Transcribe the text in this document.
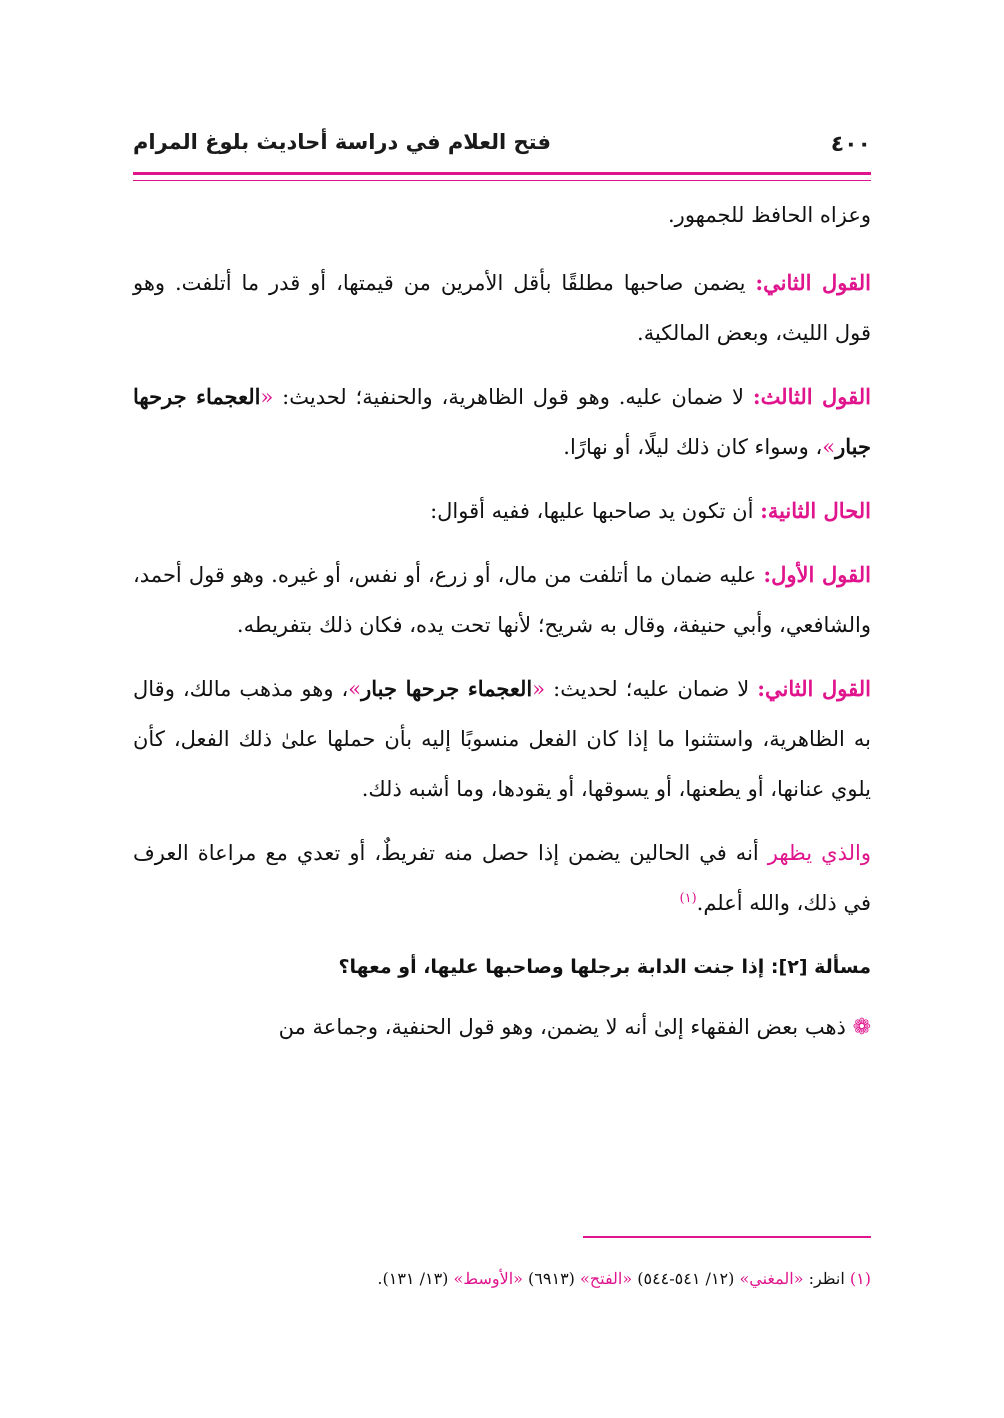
٤٠٠
فتح العلام في دراسة أحاديث بلوغ المرام

وعزاه الحافظ للجمهور.

القول الثاني: يضمن صاحبها مطلقًا بأقل الأمرين من قيمتها، أو قدر ما أتلفت. وهو قول الليث، وبعض المالكية.

القول الثالث: لا ضمان عليه. وهو قول الظاهرية، والحنفية؛ لحديث: «العجماء جرحها جبار»، وسواء كان ذلك ليلًا، أو نهارًا.

الحال الثانية: أن تكون يد صاحبها عليها، ففيه أقوال:

القول الأول: عليه ضمان ما أتلفت من مال، أو زرع، أو نفس، أو غيره. وهو قول أحمد، والشافعي، وأبي حنيفة، وقال به شريح؛ لأنها تحت يده، فكان ذلك بتفريطه.

القول الثاني: لا ضمان عليه؛ لحديث: «العجماء جرحها جبار»، وهو مذهب مالك، وقال به الظاهرية، واستثنوا ما إذا كان الفعل منسوبًا إليه بأن حملها علىٰ ذلك الفعل، كأن يلوي عنانها، أو يطعنها، أو يسوقها، أو يقودها، وما أشبه ذلك.

والذي يظهر أنه في الحالين يضمن إذا حصل منه تفريطٌ، أو تعدي مع مراعاة العرف في ذلك، والله أعلم.$^{(١)}$

مسألة [٢]: إذا جنت الدابة برجلها وصاحبها عليها، أو معها؟

❁ ذهب بعض الفقهاء إلىٰ أنه لا يضمن، وهو قول الحنفية، وجماعة من

(١) انظر: «المغني» (١٢/ ٥٤١-٥٤٤) «الفتح» (٦٩١٣) «الأوسط» (١٣/ ١٣١).
